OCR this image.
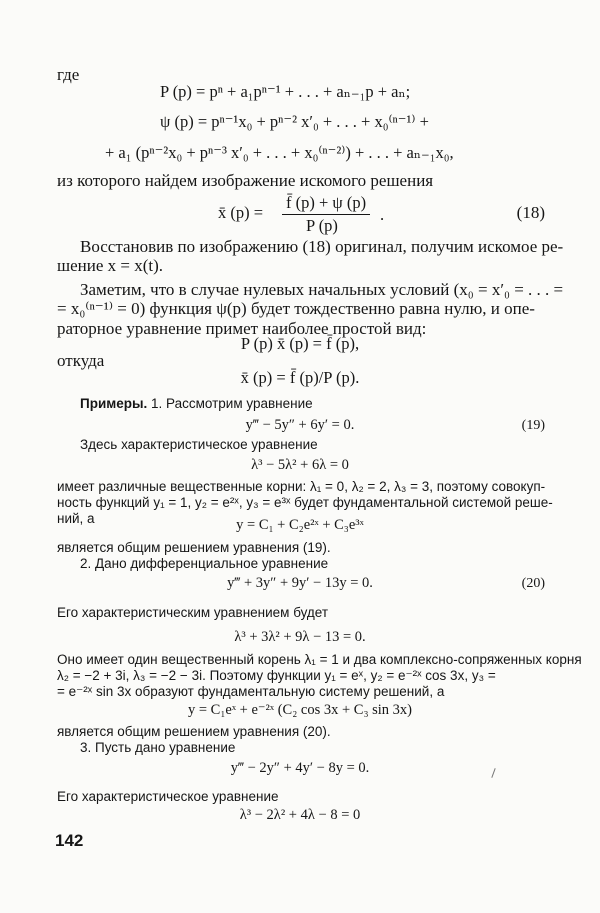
где
P (p) = pⁿ + a₁pⁿ⁻¹ + . . . + aₙ₋₁p + aₙ;
ψ (p) = pⁿ⁻¹x₀ + pⁿ⁻² x′₀ + . . . + x₀⁽ⁿ⁻¹⁾ +
+ a₁ (pⁿ⁻²x₀ + pⁿ⁻³ x′₀ + . . . + x₀⁽ⁿ⁻²⁾) + . . . + aₙ₋₁x₀,
из которого найдем изображение искомого решения
x̄ (p) =
f̄ (p) + ψ (p)
P (p)
.	(18)
Восстановив по изображению (18) оригинал, получим искомое ре-
шение x = x(t).
Заметим, что в случае нулевых начальных условий (x₀ = x′₀ = . . . =
= x₀⁽ⁿ⁻¹⁾ = 0) функция ψ(p) будет тождественно равна нулю, и опе-
раторное уравнение примет наиболее простой вид:
P (p) x̄ (p) = f̄ (p),
откуда
x̄ (p) = f̄ (p)/P (p).
Примеры. 1. Рассмотрим уравнение
y‴ − 5y″ + 6y′ = 0.	(19)
Здесь характеристическое уравнение
λ³ − 5λ² + 6λ = 0
имеет различные вещественные корни: λ₁ = 0, λ₂ = 2, λ₃ = 3, поэтому совокуп-
ность функций y₁ = 1, y₂ = e²ˣ, y₃ = e³ˣ будет фундаментальной системой реше-
ний, а	y = C₁ + C₂e²ˣ + C₃e³ˣ
является общим решением уравнения (19).
2. Дано дифференциальное уравнение
y‴ + 3y″ + 9y′ − 13y = 0.	(20)
Его характеристическим уравнением будет
λ³ + 3λ² + 9λ − 13 = 0.
Оно имеет один вещественный корень λ₁ = 1 и два комплексно-сопряженных корня
λ₂ = −2 + 3i, λ₃ = −2 − 3i. Поэтому функции y₁ = eˣ, y₂ = e⁻²ˣ cos 3x, y₃ =
= e⁻²ˣ sin 3x образуют фундаментальную систему решений, а
y = C₁eˣ + e⁻²ˣ (C₂ cos 3x + C₃ sin 3x)
является общим решением уравнения (20).
3. Пусть дано уравнение
y‴ − 2y″ + 4y′ − 8y = 0.
Его характеристическое уравнение
λ³ − 2λ² + 4λ − 8 = 0
142
